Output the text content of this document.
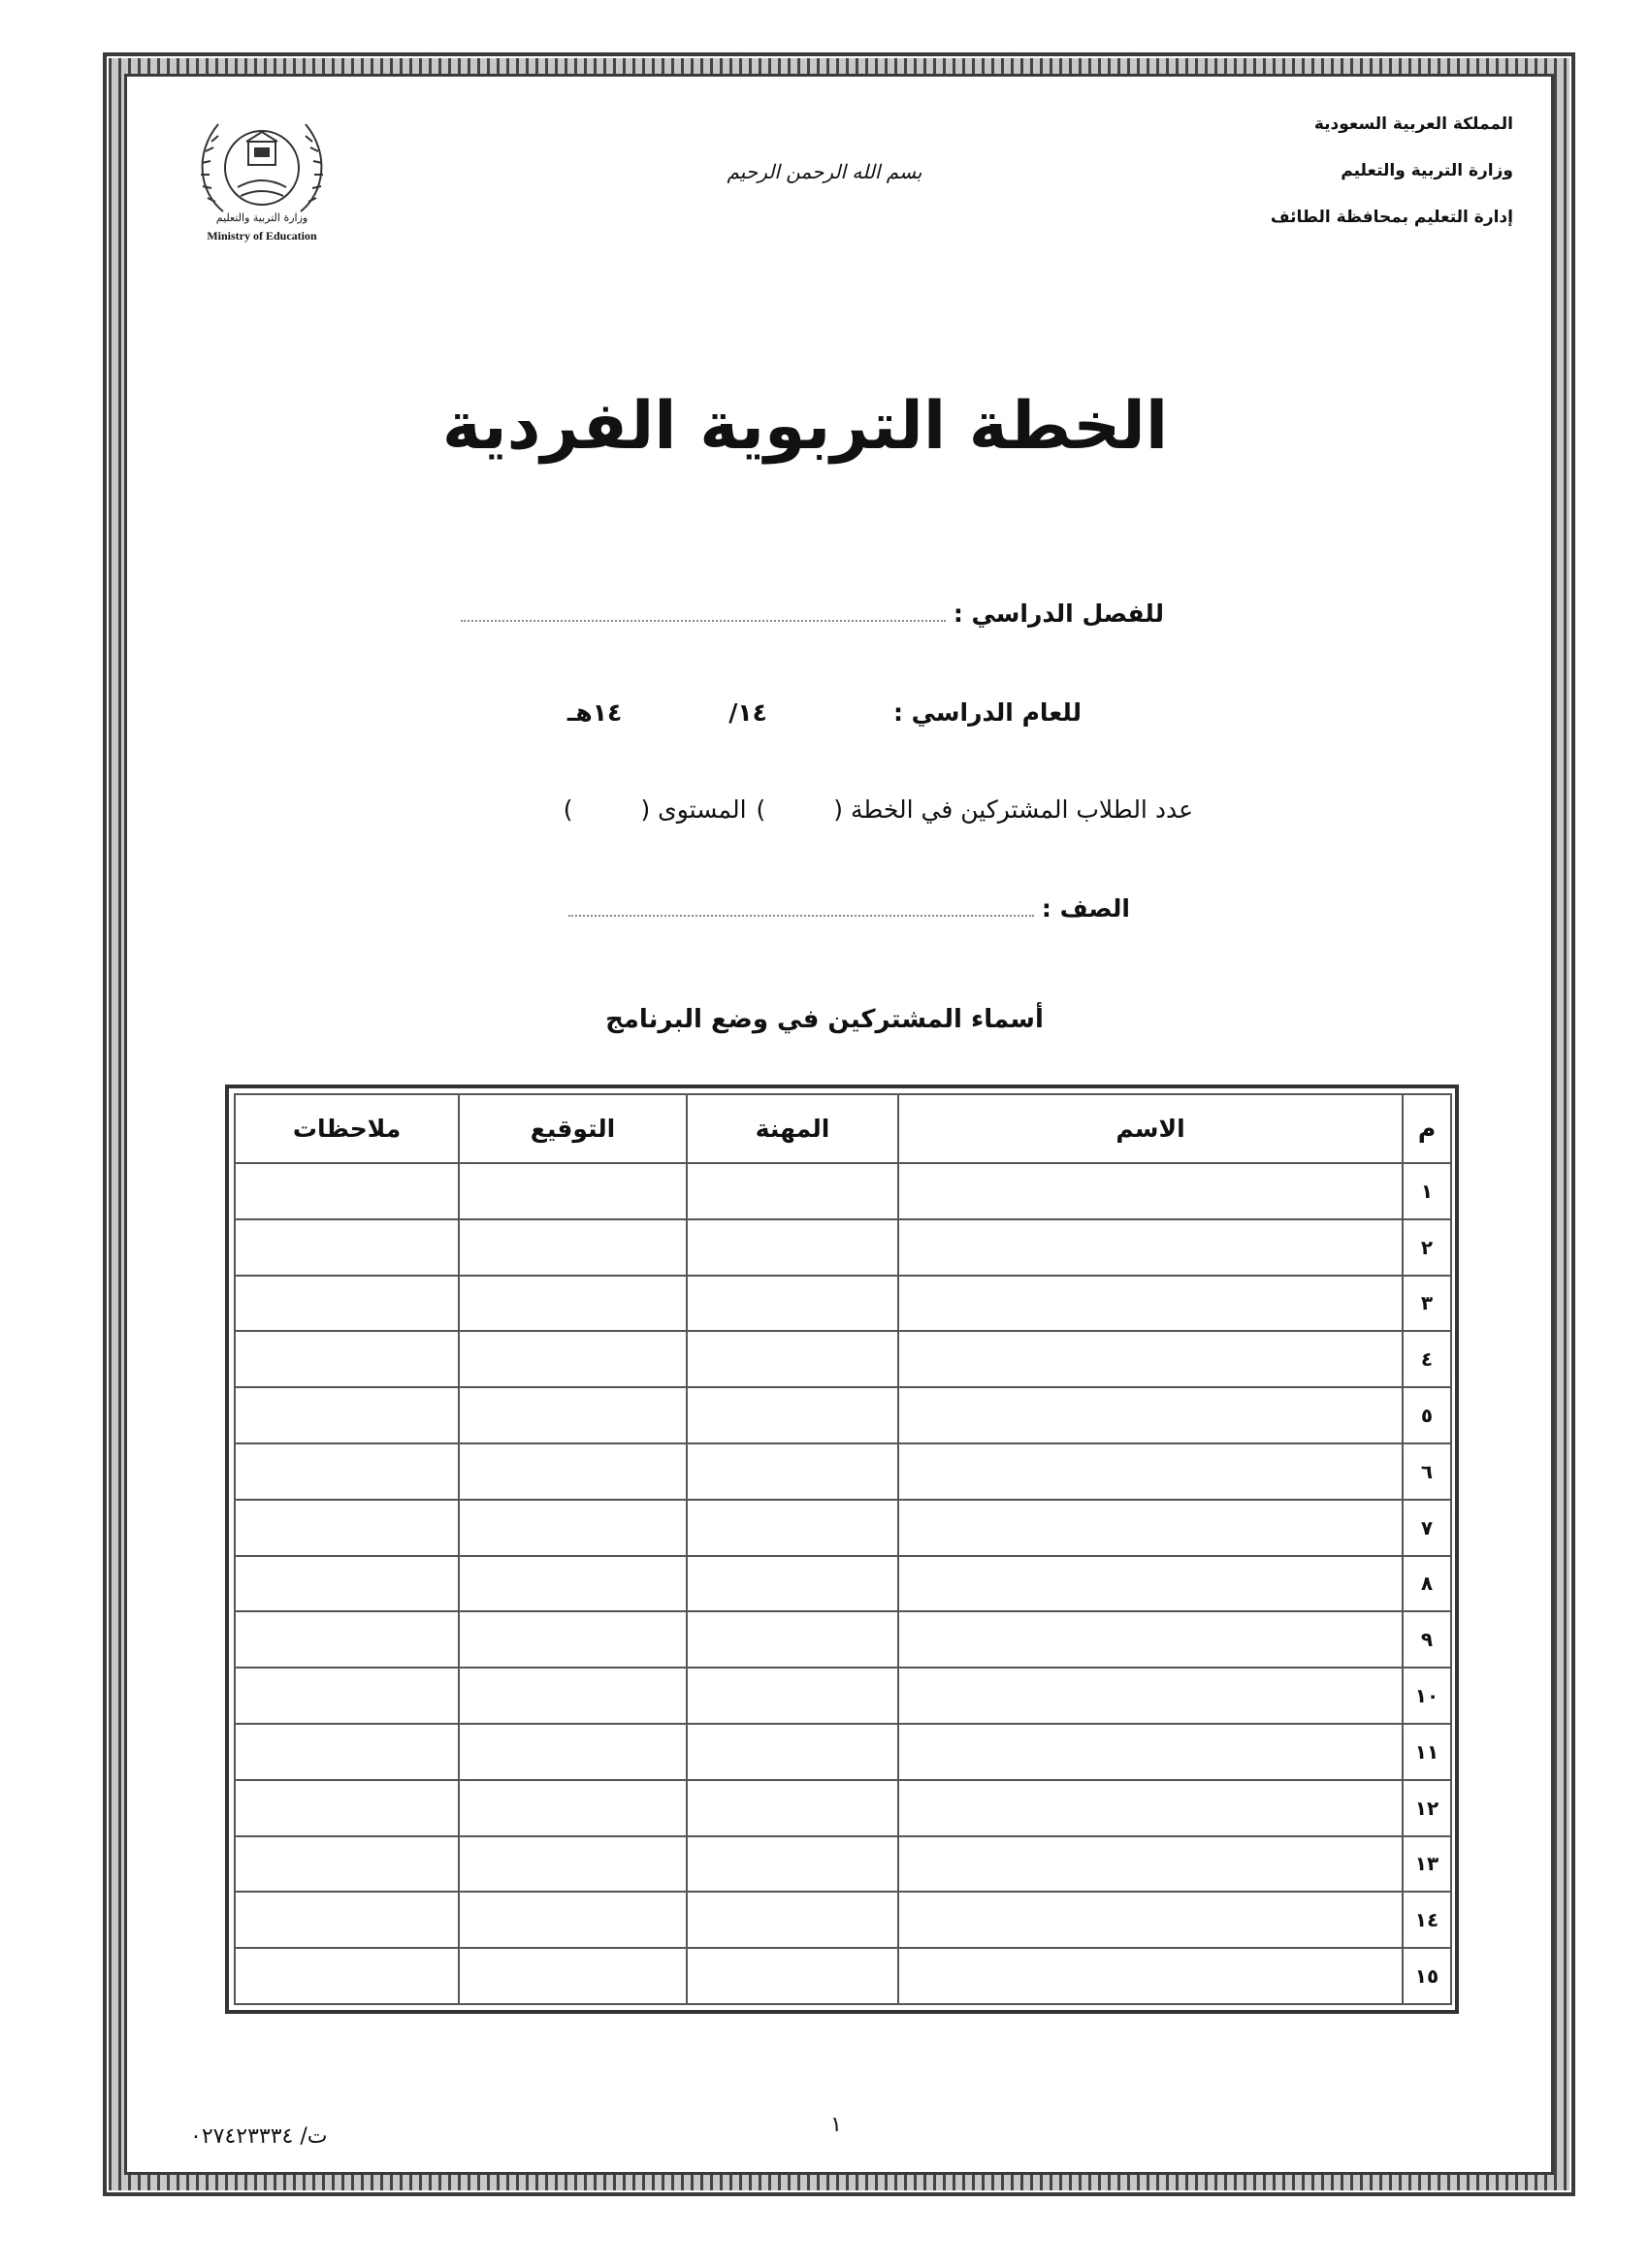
المملكة العربية السعودية
وزارة التربية والتعليم
إدارة التعليم بمحافظة الطائف
بسم الله الرحمن الرحيم
وزارة التربية والتعليم
Ministry of Education
الخطة التربوية الفردية
للفصل الدراسي :
للعام الدراسي :
١٤/
١٤هـ
عدد الطلاب المشتركين في الخطة (
)
المستوى (
)
الصف :
أسماء المشتركين في وضع البرنامج
م	الاسم	المهنة	التوقيع	ملاحظات
١				
٢				
٣				
٤				
٥				
٦				
٧				
٨				
٩				
١٠				
١١				
١٢				
١٣				
١٤				
١٥				
١
ت/ ٠٢٧٤٢٣٣٣٤
